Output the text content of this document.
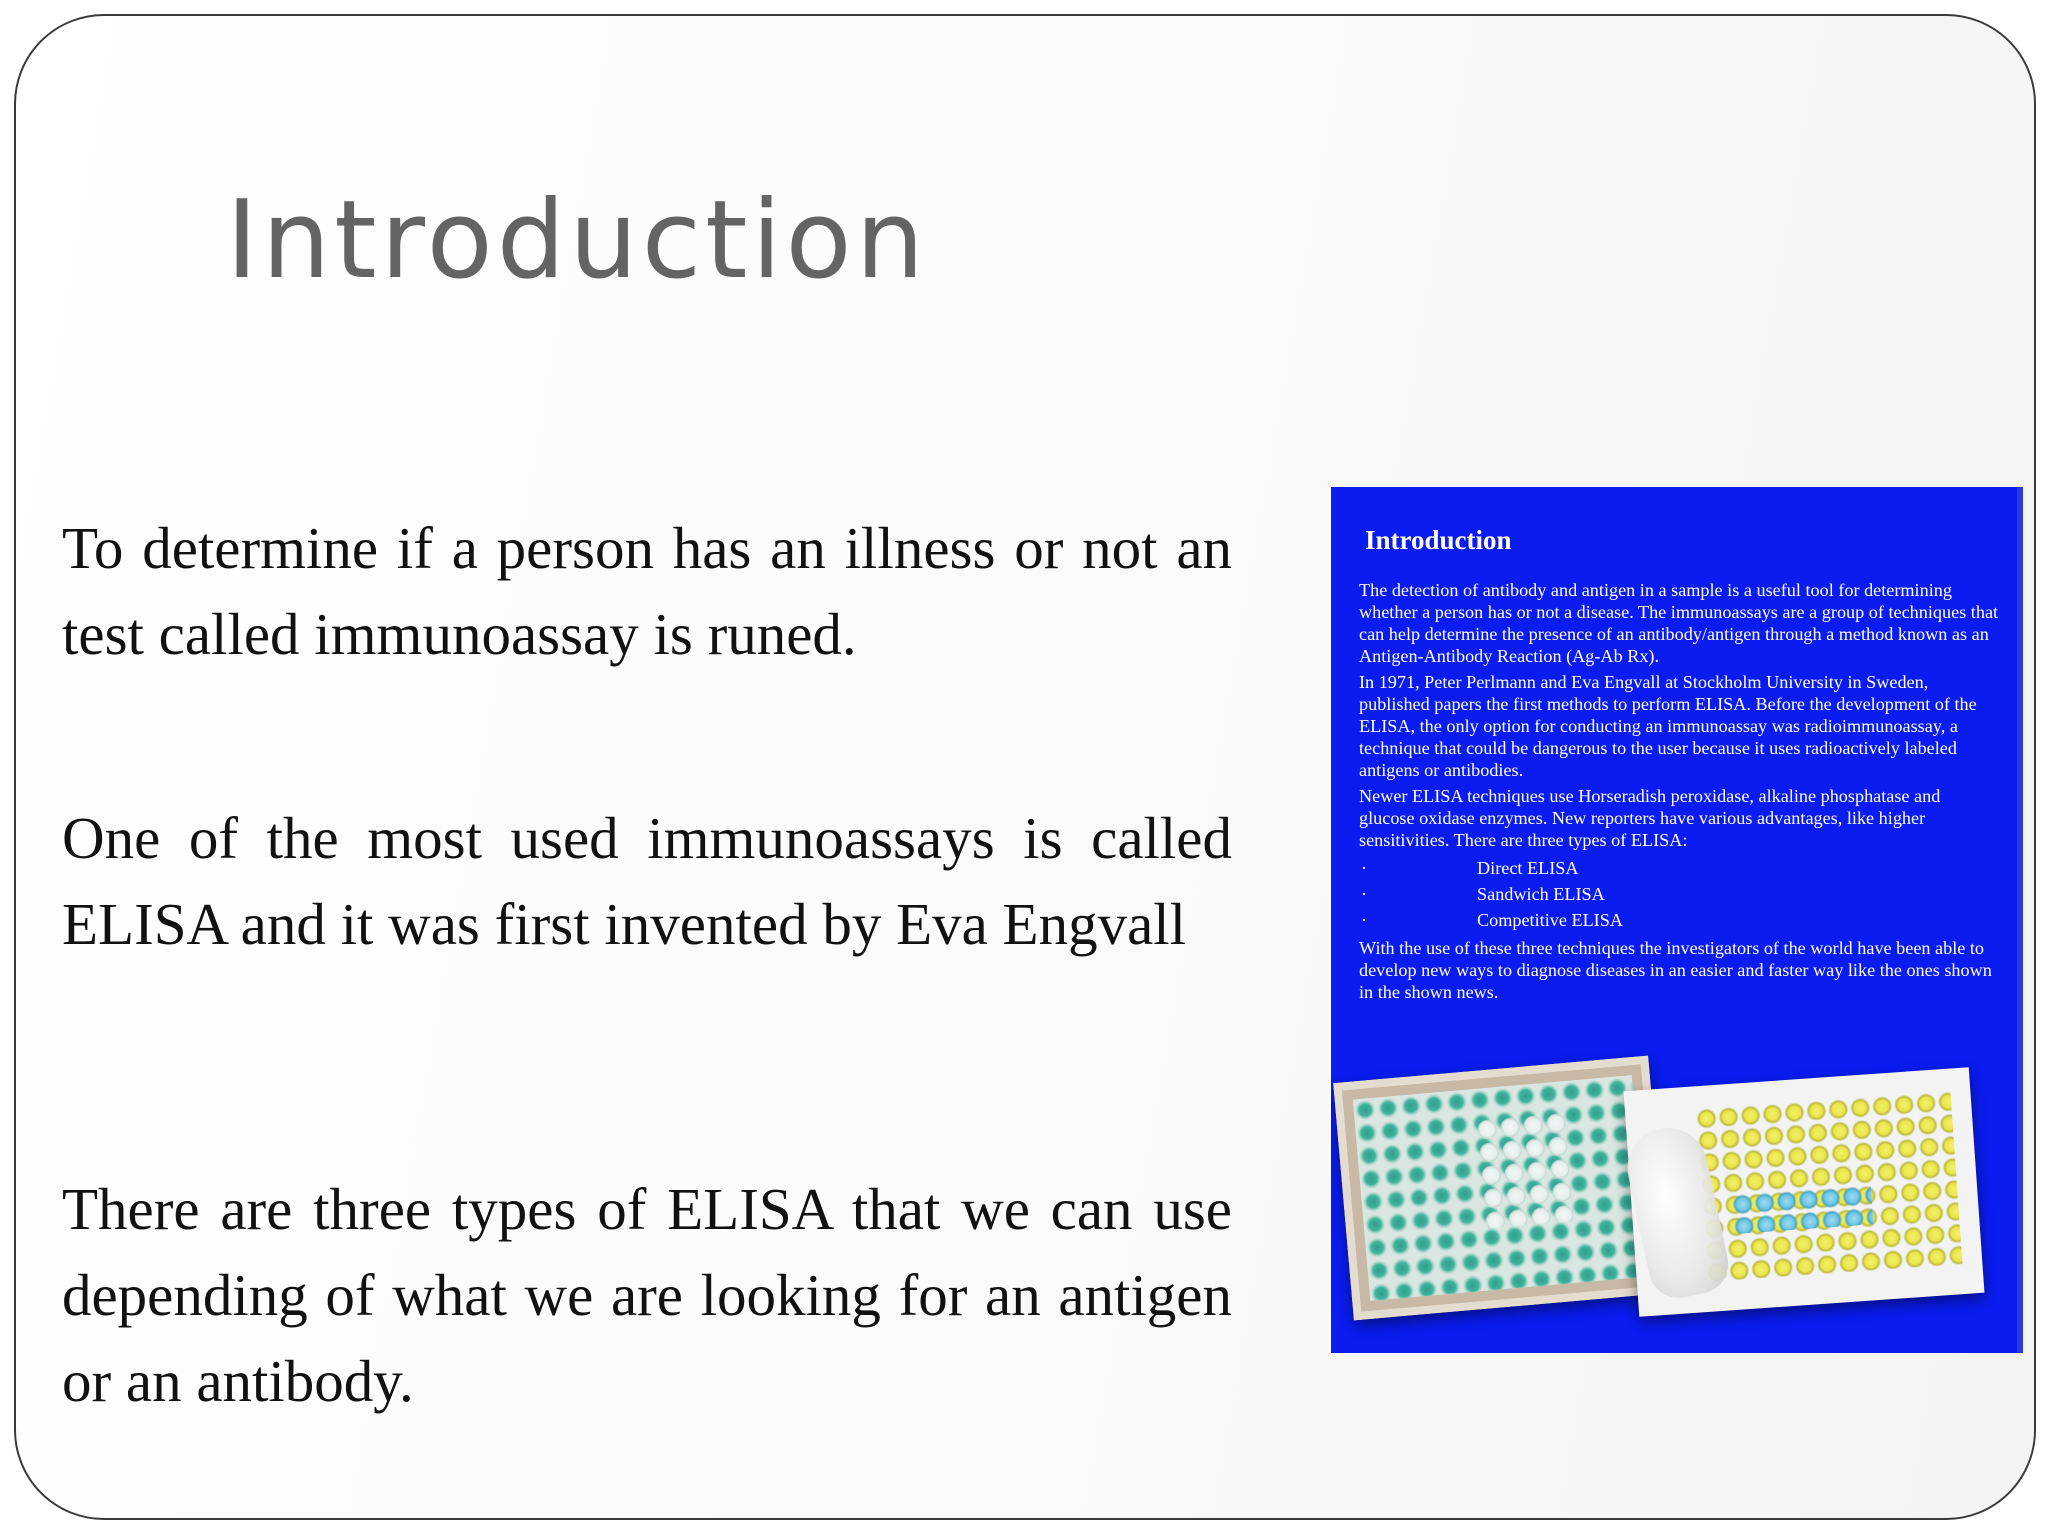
Introduction

To determine if a person has an illness or not an test called immunoassay is runed.

One of the most used immunoassays is called ELISA and it was first invented by Eva Engvall

There are three types of ELISA that we can use depending of what we are looking for an antigen or an antibody.

Introduction

The detection of antibody and antigen in a sample is a useful tool for determining whether a person has or not a disease. The immunoassays are a group of techniques that can help determine the presence of an antibody/antigen through a method known as an Antigen-Antibody Reaction (Ag-Ab Rx).

In 1971, Peter Perlmann and Eva Engvall at Stockholm University in Sweden, published papers the first methods to perform ELISA. Before the development of the ELISA, the only option for conducting an immunoassay was radioimmunoassay, a technique that could be dangerous to the user because it uses radioactively labeled antigens or antibodies.

Newer ELISA techniques use Horseradish peroxidase, alkaline phosphatase and glucose oxidase enzymes. New reporters have various advantages, like higher sensitivities. There are three types of ELISA:

·	Direct ELISA
·	Sandwich ELISA
·	Competitive ELISA

With the use of these three techniques the investigators of the world have been able to develop new ways to diagnose diseases in an easier and faster way like the ones shown in the shown news.
